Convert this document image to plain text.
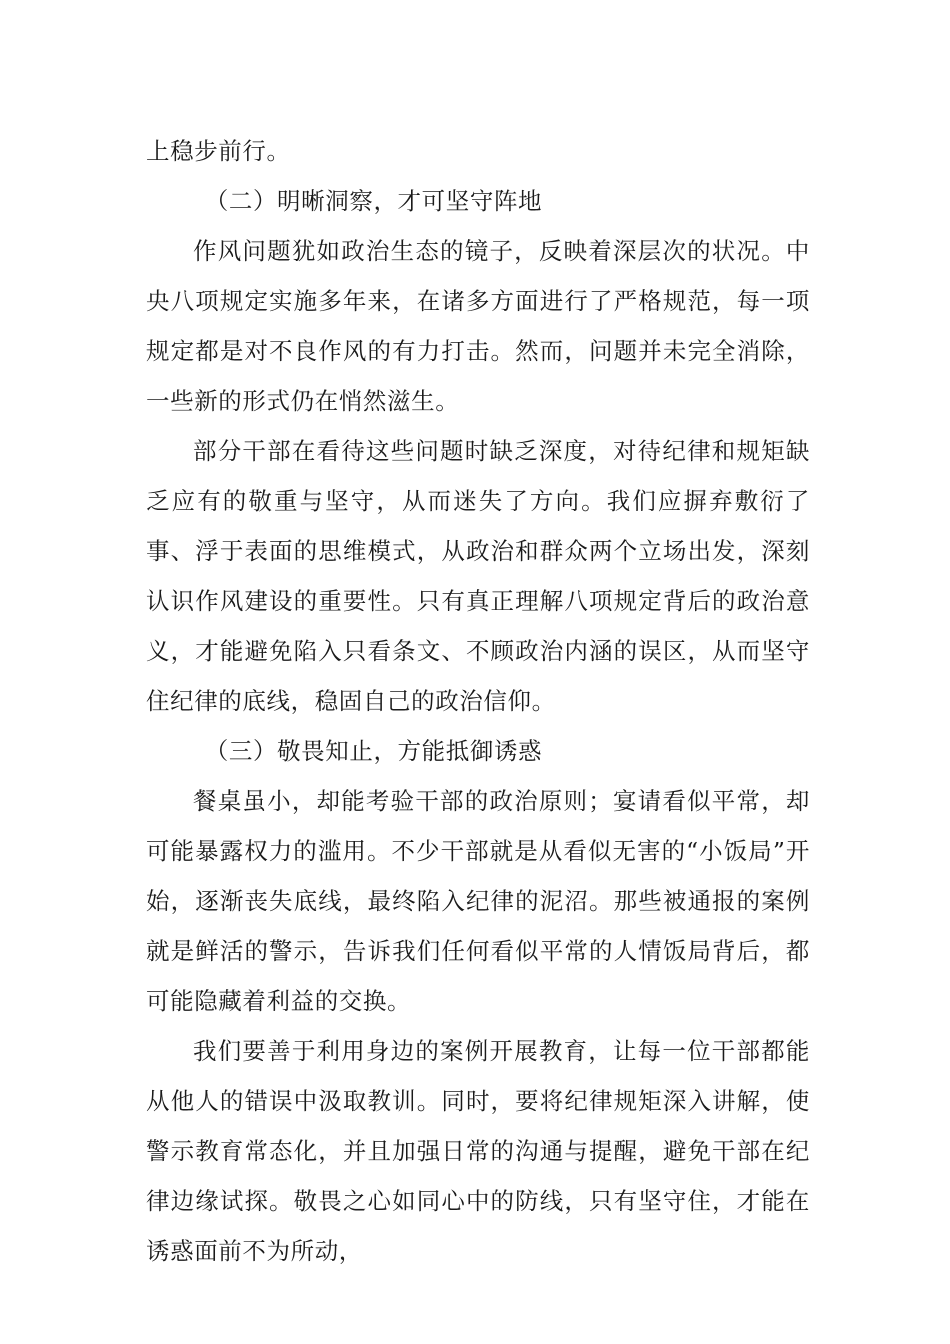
上稳步前行。

（二）明晰洞察，才可坚守阵地

作风问题犹如政治生态的镜子，反映着深层次的状况。中央八项规定实施多年来，在诸多方面进行了严格规范，每一项规定都是对不良作风的有力打击。然而，问题并未完全消除，一些新的形式仍在悄然滋生。

部分干部在看待这些问题时缺乏深度，对待纪律和规矩缺乏应有的敬重与坚守，从而迷失了方向。我们应摒弃敷衍了事、浮于表面的思维模式，从政治和群众两个立场出发，深刻认识作风建设的重要性。只有真正理解八项规定背后的政治意义，才能避免陷入只看条文、不顾政治内涵的误区，从而坚守住纪律的底线，稳固自己的政治信仰。

（三）敬畏知止，方能抵御诱惑

餐桌虽小，却能考验干部的政治原则；宴请看似平常，却可能暴露权力的滥用。不少干部就是从看似无害的“小饭局”开始，逐渐丧失底线，最终陷入纪律的泥沼。那些被通报的案例就是鲜活的警示，告诉我们任何看似平常的人情饭局背后，都可能隐藏着利益的交换。

我们要善于利用身边的案例开展教育，让每一位干部都能从他人的错误中汲取教训。同时，要将纪律规矩深入讲解，使警示教育常态化，并且加强日常的沟通与提醒，避免干部在纪律边缘试探。敬畏之心如同心中的防线，只有坚守住，才能在诱惑面前不为所动，
